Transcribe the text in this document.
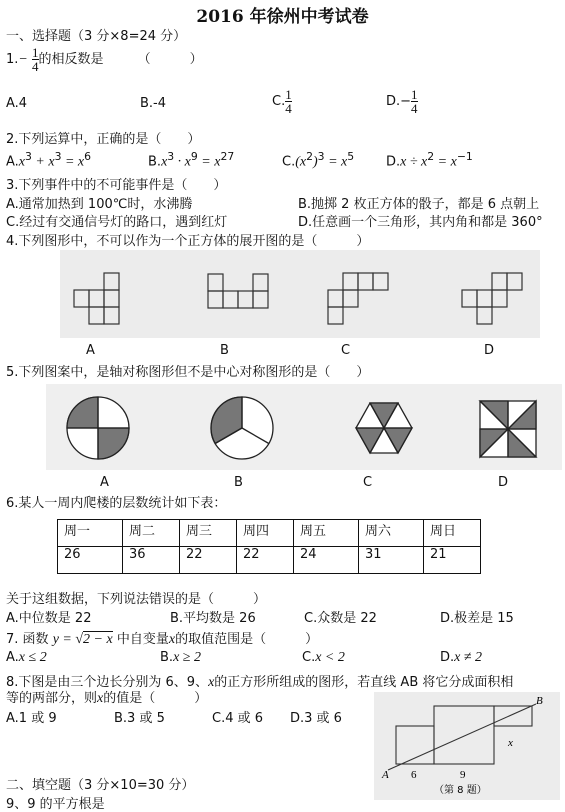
2016 年徐州中考试卷
一、选择题（3 分×8=24 分）
$1.- \frac{1}{4}$ 的相反数是	（　　　）
A.4	B.-4	C. $\frac{1}{4}$	$D.- \frac{1}{4}$
2.下列运算中，正确的是（　　）
$A.x^3 + x^3 = x^6$	$B.x^3 \cdot x^9 = x^{27}$	$C.(x^2)^3 = x^5$ $D.x \div x^2 = x^{-1}$
3.下列事件中的不可能事件是（　　）
A.通常加热到 100℃时，水沸腾	B.抛掷 2 枚正方体的骰子，都是 6 点朝上
C.经过有交通信号灯的路口，遇到红灯	D.任意画一个三角形，其内角和都是 360°
4.下列图形中，不可以作为一个正方体的展开图的是（　　　）
A	B	C	D
5.下列图案中，是轴对称图形但不是中心对称图形的是（　　）
A	B	C	D
6.某人一周内爬楼的层数统计如下表：
周一	周二	周三	周四	周五	周六	周日
26	36	22	22	24	31	21
关于这组数据，下列说法错误的是（　　　）
A.中位数是 22	B.平均数是 26	C.众数是 22	D.极差是 15
7. 函数 y = √2 − x 中自变量x的取值范围是（　　　）
A.x ≤ 2	B.x ≥ 2	C.x < 2	D.x ≠ 2
8.下图是由三个边长分别为 6、9、x的正方形所组成的图形，若直线 AB 将它分成面积相
等的两部分，则x的值是（　　　）
A.1 或 9	B.3 或 5	C.4 或 6 D.3 或 6
A
B
6	9
x
（第 8 题）
二、填空题（3 分×10=30 分）
9、9 的平方根是
